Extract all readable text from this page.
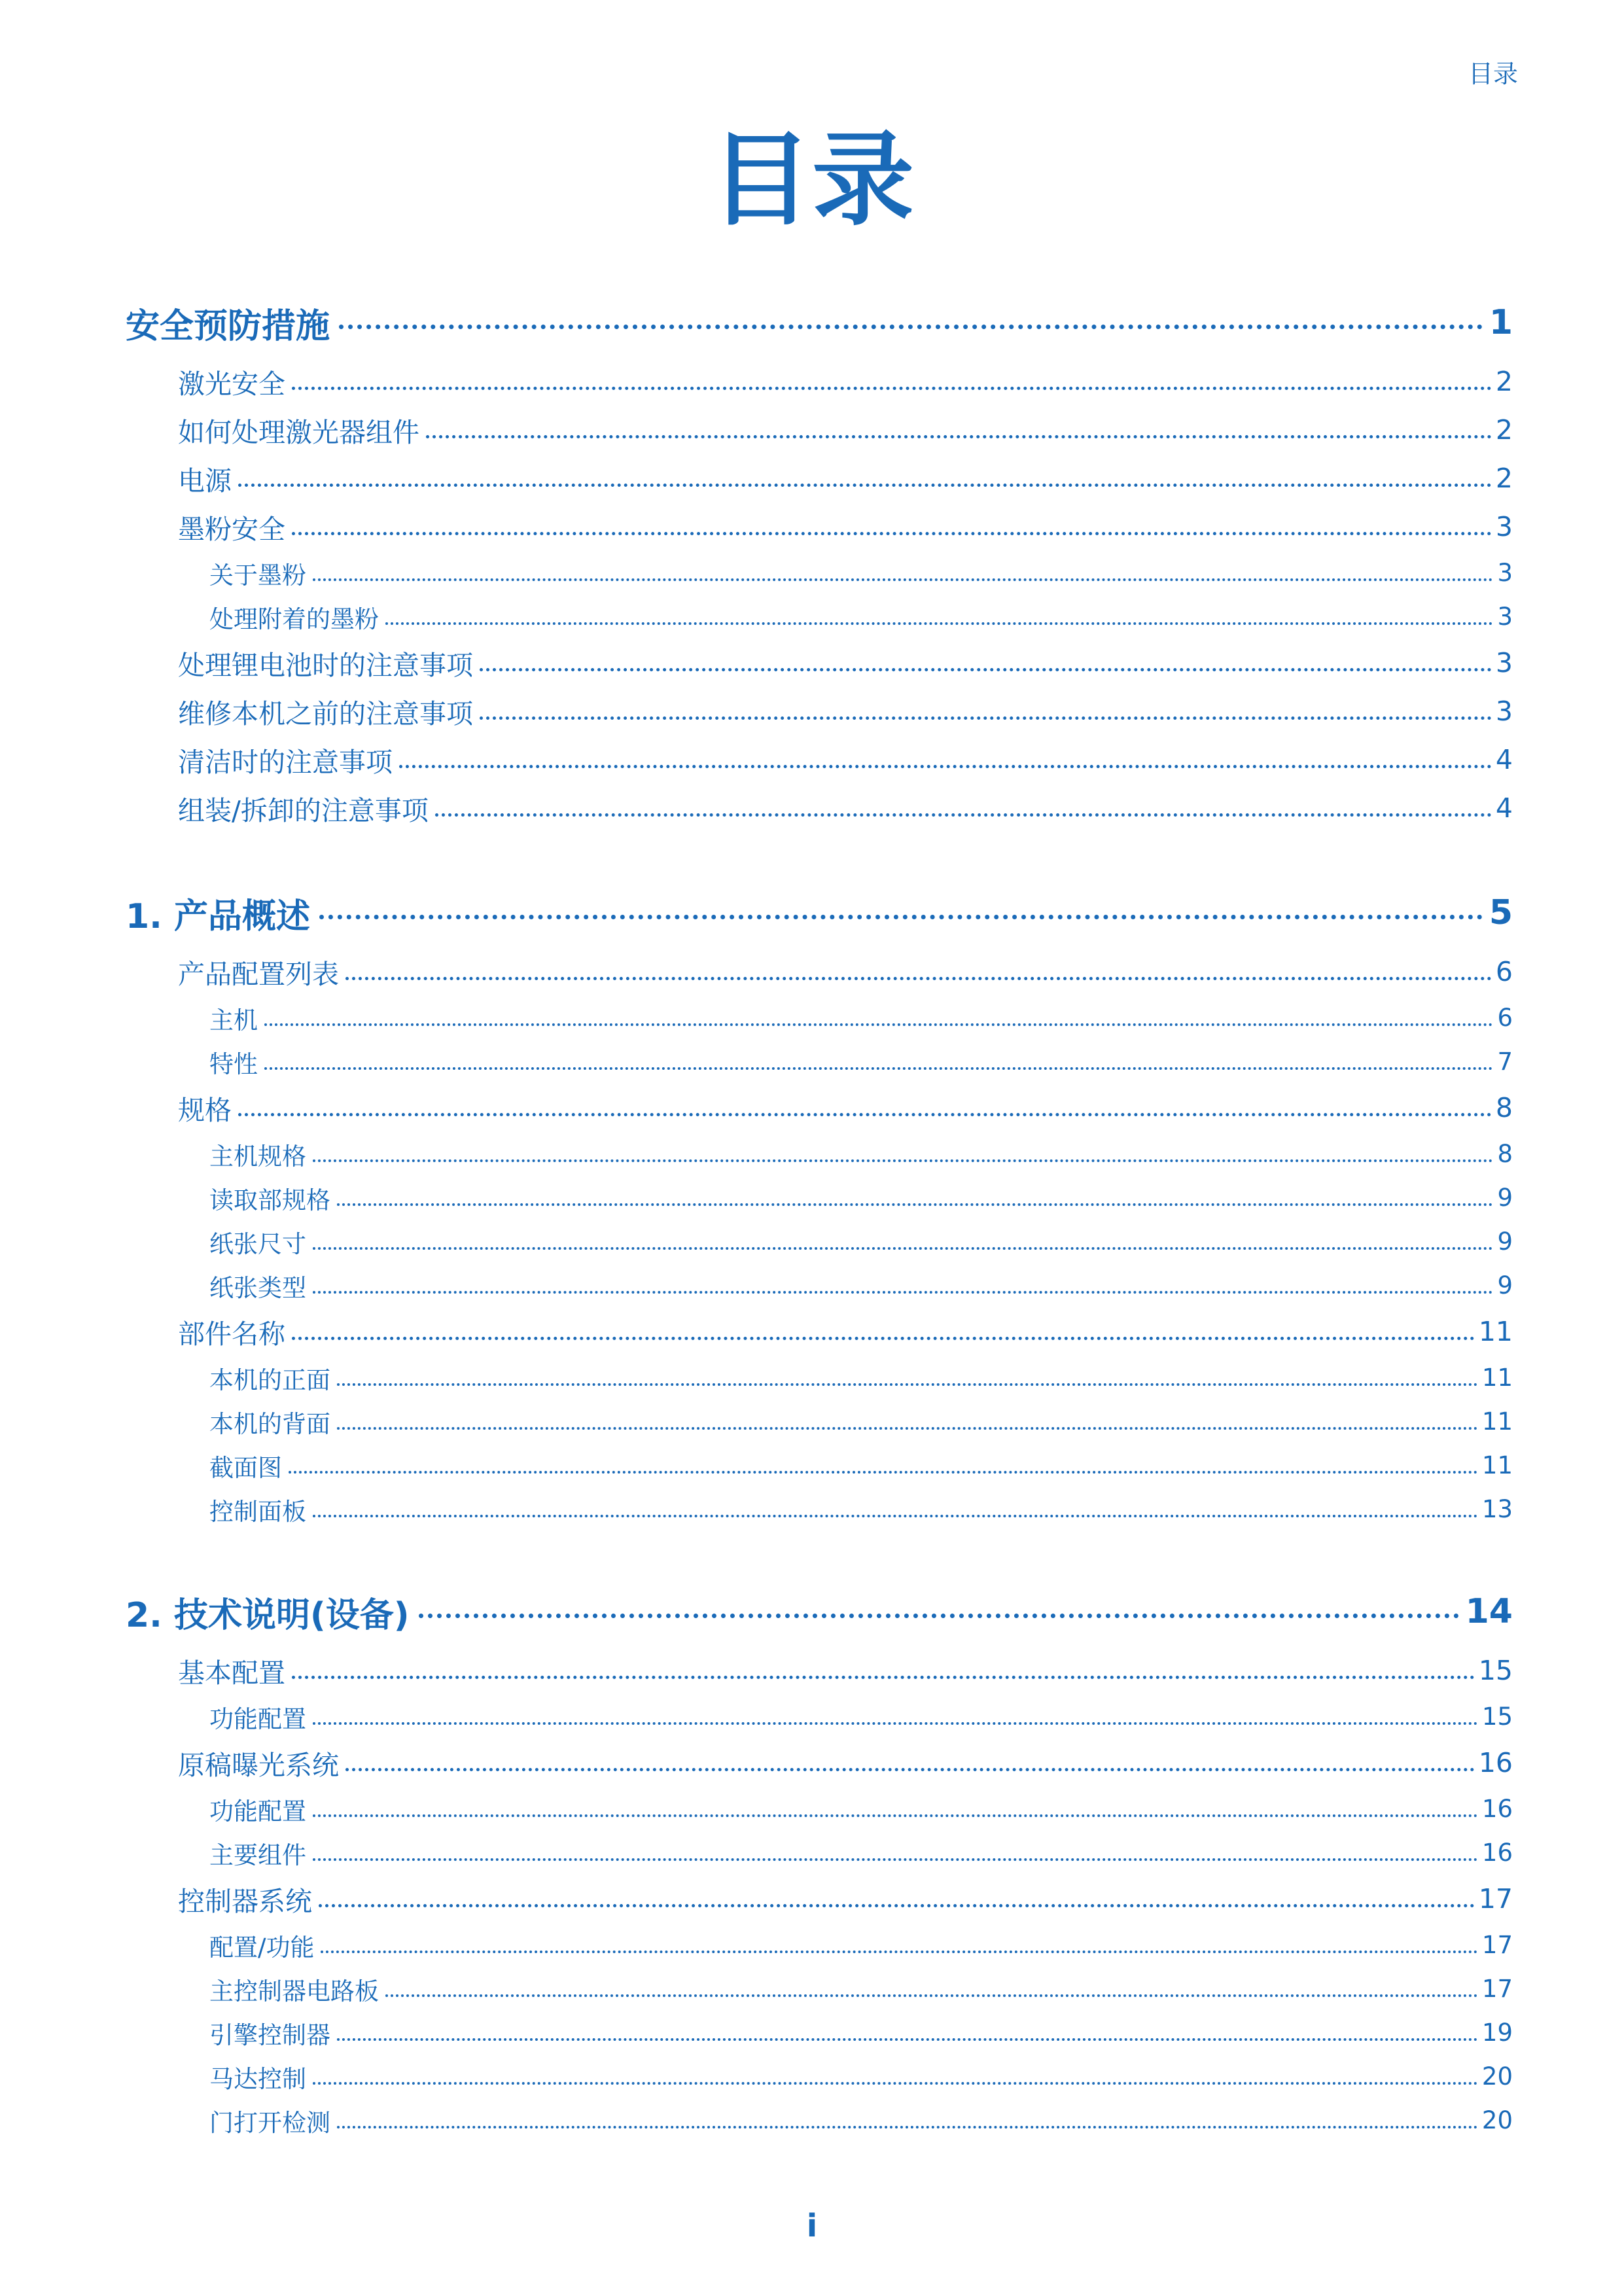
目录
目录
安全预防措施	1
激光安全	2
如何处理激光器组件	2
电源	2
墨粉安全	3
关于墨粉	3
处理附着的墨粉	3
处理锂电池时的注意事项	3
维修本机之前的注意事项	3
清洁时的注意事项	4
组装/拆卸的注意事项	4
1. 产品概述	5
产品配置列表	6
主机	6
特性	7
规格	8
主机规格	8
读取部规格	9
纸张尺寸	9
纸张类型	9
部件名称	11
本机的正面	11
本机的背面	11
截面图	11
控制面板	13
2. 技术说明(设备)	14
基本配置	15
功能配置	15
原稿曝光系统	16
功能配置	16
主要组件	16
控制器系统	17
配置/功能	17
主控制器电路板	17
引擎控制器	19
马达控制	20
门打开检测	20
i
